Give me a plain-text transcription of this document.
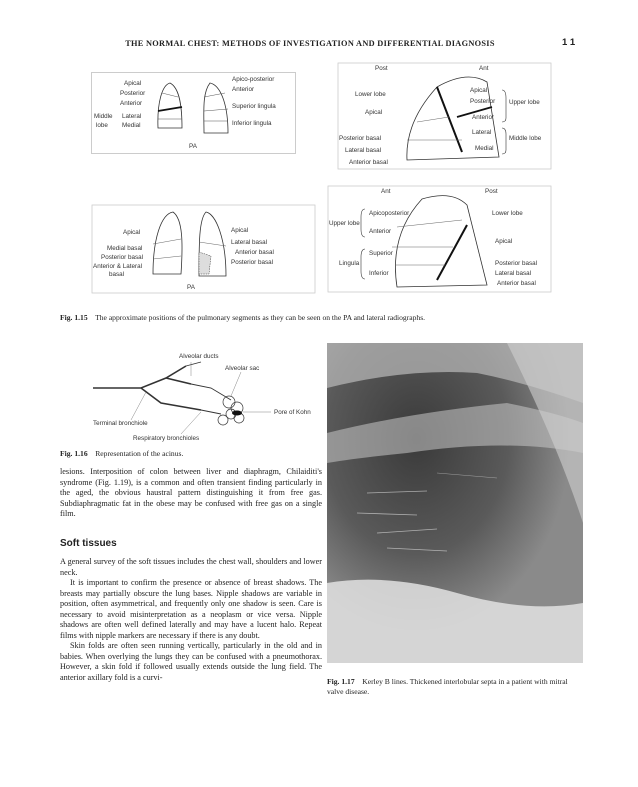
THE NORMAL CHEST: METHODS OF INVESTIGATION AND DIFFERENTIAL DIAGNOSIS	1 1
Apical
Posterior
Anterior
Lateral
Medial
Middle
lobe
Apico-posterior
Anterior
Superior lingula
Inferior lingula
PA
Post	Ant
Lower lobe
Apical
Posterior basal
Lateral basal
Anterior basal
Apical
Posterior
Anterior
Lateral
Medial
Upper lobe
Middle lobe
Apical
Medial basal
Posterior basal
Anterior & Lateral
basal
Apical
Lateral basal
Anterior basal
Posterior basal
PA
Ant	Post
Apicoposterior
Upper lobe
Anterior
Superior
Lingula
Inferior
Lower lobe
Apical
Posterior basal
Lateral basal
Anterior basal
Fig. 1.15 The approximate positions of the pulmonary segments as they can be seen on the PA and lateral radiographs.
Alveolar ducts
Alveolar sac
Pore of Kohn
Terminal bronchiole
Respiratory bronchioles
Fig. 1.16 Representation of the acinus.

lesions. Interposition of colon between liver and diaphragm, Chilaiditi's syndrome (Fig. 1.19), is a common and often transient finding particularly in the aged, the obvious haustral pattern distinguishing it from free gas. Subdiaphragmatic fat in the obese may be confused with free gas on a single film.

Soft tissues

A general survey of the soft tissues includes the chest wall, shoulders and lower neck.

It is important to confirm the presence or absence of breast shadows. The breasts may partially obscure the lung bases. Nipple shadows are variable in position, often asymmetrical, and frequently only one shadow is seen. Care is necessary to avoid misinterpretation as a neoplasm or vice versa. Nipple shadows are often well defined laterally and may have a lucent halo. Repeat films with nipple markers are necessary if there is any doubt.

Skin folds are often seen running vertically, particularly in the old and in babies. When overlying the lungs they can be confused with a pneumothorax. However, a skin fold if followed usually extends outside the lung field. The anterior axillary fold is a curvi-	Fig. 1.17 Kerley B lines. Thickened interlobular septa in a patient with mitral valve disease.
